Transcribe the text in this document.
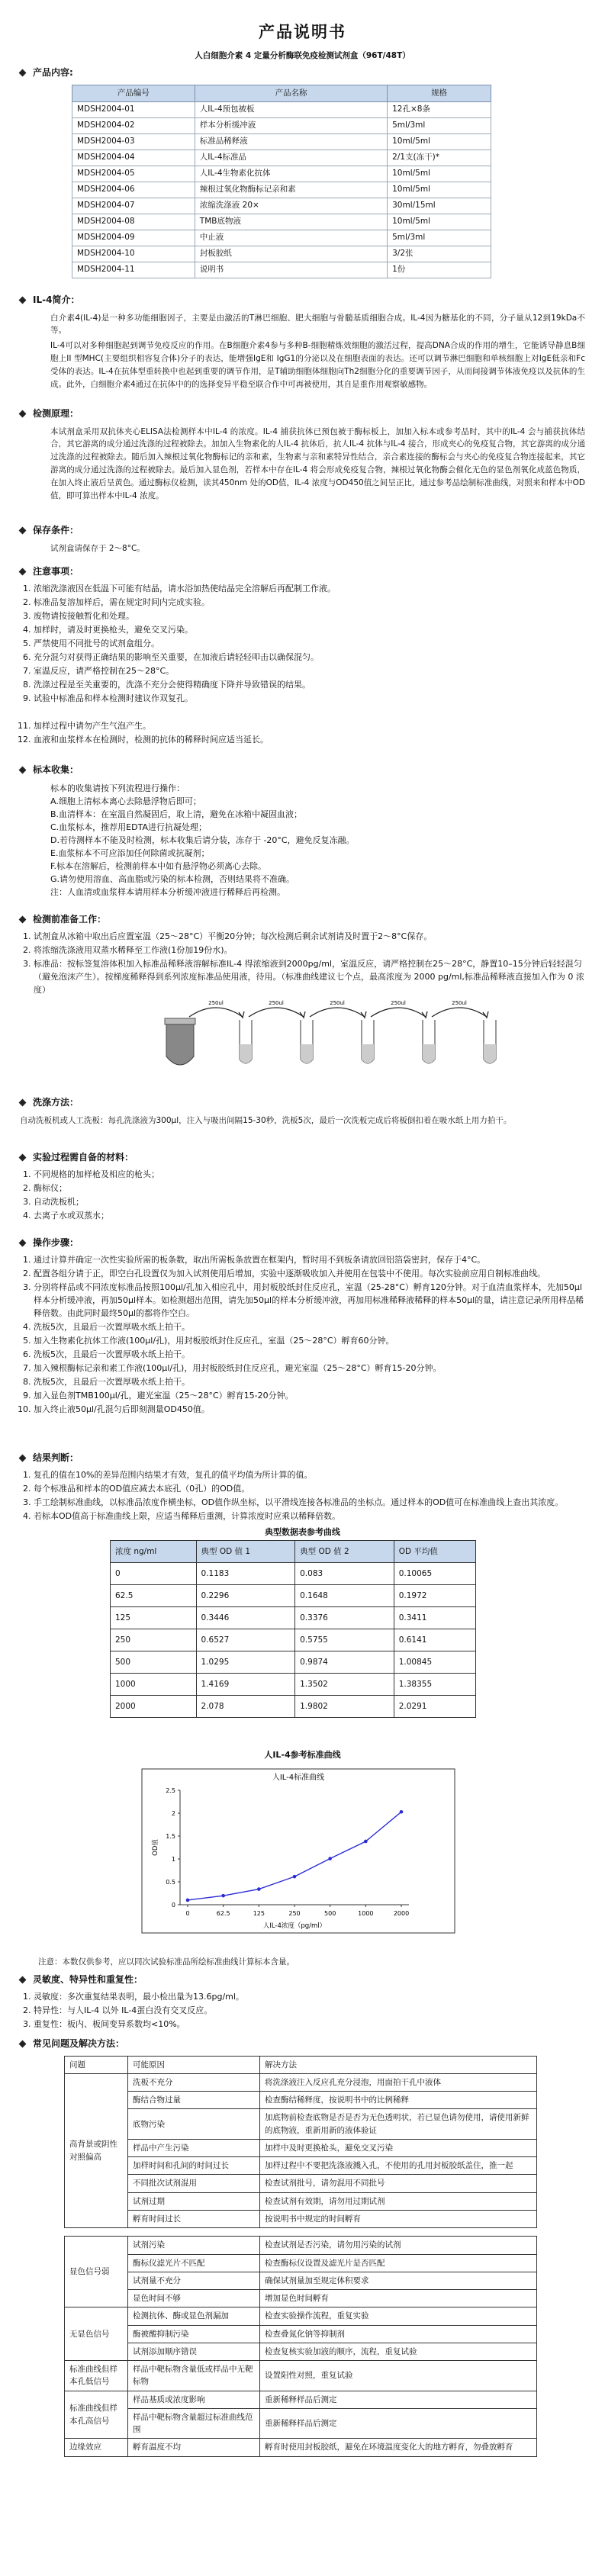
产品说明书
人白细胞介素 4 定量分析酶联免疫检测试剂盒（96T/48T）
产品内容:
产品编号	产品名称	规格
MDSH2004-01	人IL-4预包被板	12孔×8条
MDSH2004-02	样本分析缓冲液	5ml/3ml
MDSH2004-03	标准品稀释液	10ml/5ml
MDSH2004-04	人IL-4标准品	2/1支(冻干)*
MDSH2004-05	人IL-4生物素化抗体	10ml/5ml
MDSH2004-06	辣根过氧化物酶标记亲和素	10ml/5ml
MDSH2004-07	浓缩洗涤液 20×	30ml/15ml
MDSH2004-08	TMB底物液	10ml/5ml
MDSH2004-09	中止液	5ml/3ml
MDSH2004-10	封板胶纸	3/2张
MDSH2004-11	说明书	1份
IL-4简介：
白介素4(IL-4)是一种多功能细胞因子，主要是由激活的T淋巴细胞、肥大细胞与骨髓基质细胞合成。IL-4因为糖基化的不同，分子量从12到19kDa不等。
IL-4可以对多种细胞起到调节免疫反应的作用。在B细胞介素4参与多种B-细胞精炼效细胞的激活过程，提高DNA合成的作用的增生，它能诱导静息B细胞上II 型MHC(主要组织相容复合体)分子的表达，能增强IgE和 IgG1的分泌以及在细胞表面的表达。还可以调节淋巴细胞和单核细胞上对IgE低亲和Fc受体的表达。IL-4在抗体型重转换中也起到重要的调节作用，是T辅助细胞体细胞向Th2细胞分化的重要调节因子，从而间接调节体液免疫以及抗体的生成。此外，白细胞介素4通过在抗体中的的选择变异平稳至联合作中可再被使用，其自是重作用观察敏感物。
检测原理：
本试剂盒采用双抗体夹心ELISA法检测样本中IL-4 的浓度。IL-4 捕获抗体已预包被于酶标板上，加加入标本或参考品时，其中的IL-4 会与捕获抗体结合，其它游离的成分通过洗涤的过程被除去。加加入生物素化的人IL-4 抗体后，抗人IL-4 抗体与IL-4 接合，形成夹心的免疫复合物，其它游离的成分通过洗涤的过程被除去。随后加入辣根过氧化物酶标记的亲和素，生物素与亲和素特异性结合，亲合素连接的酶标会与夹心的免疫复合物连接起来，其它游离的成分通过洗涤的过程被除去。最后加入显色剂，若样本中存在IL-4 将会形成免疫复合物，辣根过氧化物酶会催化无色的显色剂氧化成蓝色物质，在加入终止液后呈黄色。通过酶标仪检测，读其450nm 处的OD值，IL-4 浓度与OD450值之间呈正比，通过参考品绘制标准曲线，对照来和样本中OD值，即可算出样本中IL-4 浓度。
保存条件：
试剂盒请保存于 2～8°C。
注意事项：
1. 浓缩洗涤液因在低温下可能有结晶，请水浴加热使结晶完全溶解后再配制工作液。
2. 标准品复溶加样后，需在规定时间内完成实验。
3. 废物请按接触暂化和处理。
4. 加样时，请及时更换枪头，避免交叉污染。
5. 严禁使用不同批号的试剂盒组分。
6. 充分混匀对获得正确结果的影响至关重要，在加液后请轻轻叩击以确保混匀。
7. 室温反应，请严格控制在25～28°C。
8. 洗涤过程是至关重要的，洗涤不充分会使得精确度下降并导致错误的结果。
9. 试验中标准品和样本检测时建议作双复孔。

11. 加样过程中请勿产生气泡产生。
12. 血液和血浆样本在检测时，检测的抗体的稀释时间应适当延长。
标本收集：
标本的收集请按下列流程进行操作：
A.细胞上清标本离心去除悬浮物后即可；
B.血清样本：在室温自然凝固后，取上清，避免在冰箱中凝固血液；
C.血浆标本，推荐用EDTA进行抗凝处理；
D.若待测样本不能及时检测，标本收集后请分装，冻存于 -20°C，避免反复冻融。
E.血浆标本不可应添加任何除菌或抗凝剂；
F.标本在溶解后，检测前样本中如有悬浮物必须离心去除。
G.请勿使用溶血、高血脂或污染的标本检测，否则结果将不准确。
注：人血清或血浆样本请用样本分析缓冲液进行稀释后再检测。
检测前准备工作：
1. 试剂盒从冰箱中取出后应置室温（25～28°C）平衡20分钟；每次检测后剩余试剂请及时置于2～8°C保存。
2. 将浓缩洗涤液用双蒸水稀释至工作液(1份加19份水)。
3. 标准品：按标签复溶体积加入标准品稀释液溶解标准IL-4 得浓缩液到2000pg/ml，室温反应，请严格控制在25～28°C，静置10–15分钟后轻轻混匀（避免泡沫产生）。按梯度稀释得到系列浓度标准品使用液，待用。（标准曲线建议七个点，最高浓度为 2000 pg/ml,标准品稀释液直接加入作为 0 浓度）
250ul	250ul	250ul	250ul	250ul
洗涤方法：
自动洗板机或人工洗板：每孔洗涤液为300μl，注入与吸出间隔15-30秒，洗板5次，最后一次洗板完成后将板倒扣着在吸水纸上用力拍干。
实验过程需自备的材料：
1. 不同规格的加样枪及相应的枪头；
2. 酶标仪；
3. 自动洗板机；
4. 去离子水或双蒸水；
操作步骤：
1. 通过计算并确定一次性实验所需的板条数，取出所需板条放置在框架内，暂时用不到板条请放回铝箔袋密封，保存于4°C。
2. 配置各组分请于正，即空白孔设置仅为加入试剂使用后增加，实验中逐渐吸收加入并使用在包装中不使用。每次实验前应用自制标准曲线。
3. 分别将样品或不同浓度标准品按照100μl/孔加入相应孔中，用封板胶纸封住反应孔，室温（25-28°C）孵育120分钟。对于血清血浆样本，先加50μl样本分析缓冲液，再加50μl样本。如检测超出范围，请先加50μl的样本分析缓冲液，再加用标准稀释液稀释的样本50μl的量，请注意记录所用样品稀释倍数。由此同时最终50μl的都将作空白。
4. 洗板5次，且最后一次置厚吸水纸上拍干。
5. 加入生物素化抗体工作液(100μl/孔)，用封板胶纸封住反应孔，室温（25～28°C）孵育60分钟。
6. 洗板5次，且最后一次置厚吸水纸上拍干。
7. 加入辣根酶标记亲和素工作液(100μl/孔)，用封板胶纸封住反应孔，避光室温（25～28°C）孵育15-20分钟。
8. 洗板5次，且最后一次置厚吸水纸上拍干。
9. 加入显色剂TMB100μl/孔，避光室温（25～28°C）孵育15-20分钟。
10. 加入终止液50μl/孔混匀后即刻测量OD450值。
结果判断：
1. 复孔的值在10%的差异范围内结果才有效，复孔的值平均值为所计算的值。
2. 每个标准品和样本的OD值应减去本底孔（0孔）的OD值。
3. 手工绘制标准曲线，以标准品浓度作横坐标，OD值作纵坐标，以平滑线连接各标准品的坐标点。通过样本的OD值可在标准曲线上查出其浓度。
4. 若标本OD值高于标准曲线上限，应适当稀释后重测，计算浓度时应乘以稀释倍数。
典型数据表参考曲线
浓度 ng/ml	典型 OD 值 1	典型 OD 值 2	OD 平均值
0	0.1183	0.083	0.10065
62.5	0.2296	0.1648	0.1972
125	0.3446	0.3376	0.3411
250	0.6527	0.5755	0.6141
500	1.0295	0.9874	1.00845
1000	1.4169	1.3502	1.38355
2000	2.078	1.9802	2.0291
人IL-4参考标准曲线
人IL-4标准曲线
0
0.5
1
1.5
2
2.5
0	62.5	125	250	500	1000	2000
人IL-4浓度（pg/ml）
OD值
注意：本数仅供参考，应以同次试验标准品所绘标准曲线计算标本含量。
灵敏度、特异性和重复性：
1. 灵敏度：多次重复结果表明，最小检出量为13.6pg/ml。
2. 特异性：与人IL-4 以外 IL-4蛋白没有交叉反应。
3. 重复性：板内、板间变异系数均<10%。
常见问题及解决方法：
问题	可能原因	解决方法
高背景或阴性对照偏高	洗板不充分	将洗涤液注入反应孔充分浸泡，用面拍干孔中液体
	酶结合物过量	检查酶结稀释度，按说明书中的比例稀释
	底物污染	加底物前检查底物是否是否为无色透明状，若已显色请勿使用，请使用新鲜的底物液，重新用新的液体验证
	样品中产生污染	加样中及时更换枪头，避免交叉污染
	加样时间和孔间的时间过长	加样过程中不要把洗涤液溅入孔，不使用的孔用封板胶纸盖住，推一起
	不同批次试剂混用	检查试剂批号，请勿混用不同批号
	试剂过期	检查试剂有效期，请勿用过期试剂
	孵育时间过长	按说明书中规定的时间孵育
显色信号弱	试剂污染	检查试剂是否污染，请勿用污染的试剂
	酶标仪滤光片不匹配	检查酶标仪设置及滤光片是否匹配
	试剂量不充分	确保试剂量加至规定体积要求
	显色时间不够	增加显色时间孵育
无显色信号	检测抗体、酶或显色剂漏加	检查实验操作流程，重复实验
	酶被酸抑制污染	检查叠氮化钠等抑制剂
	试剂添加顺序错误	检查复核实验加液的顺序，流程，重复试验
标准曲线但样本孔低信号	样品中靶标物含量低或样品中无靶标物	设置阳性对照，重复试验
标准曲线但样本孔高信号	样品基质或浓度影响	重新稀释样品后测定
	样品中靶标物含量超过标准曲线范围	重新稀释样品后测定
边缘效应	孵育温度不均	孵育时使用封板胶纸，避免在环境温度变化大的地方孵育，勿叠放孵育
